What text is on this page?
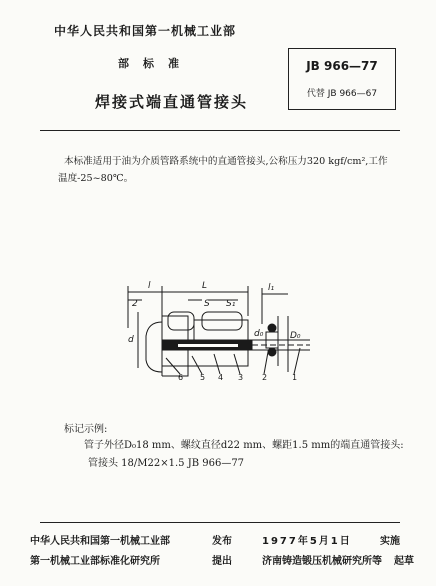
中华人民共和国第一机械工业部
部标准
焊接式端直通管接头
JB 966—77
代替 JB 966—67
本标准适用于油为介质管路系统中的直通管接头,公称压力320 kgf/cm²,工作温度-25~80℃。
l	L
S S₁
l₁
d
d₀	D₀
2
6 5 4 3 2	1
标记示例:
管子外径D₀18 mm、螺纹直径d22 mm、螺距1.5 mm的端直通管接头:
管接头 18/M22×1.5 JB 966—77
中华人民共和国第一机械工业部	发布	1977年5月1日	实施
第一机械工业部标准化研究所	提出	济南铸造锻压机械研究所等 起草
